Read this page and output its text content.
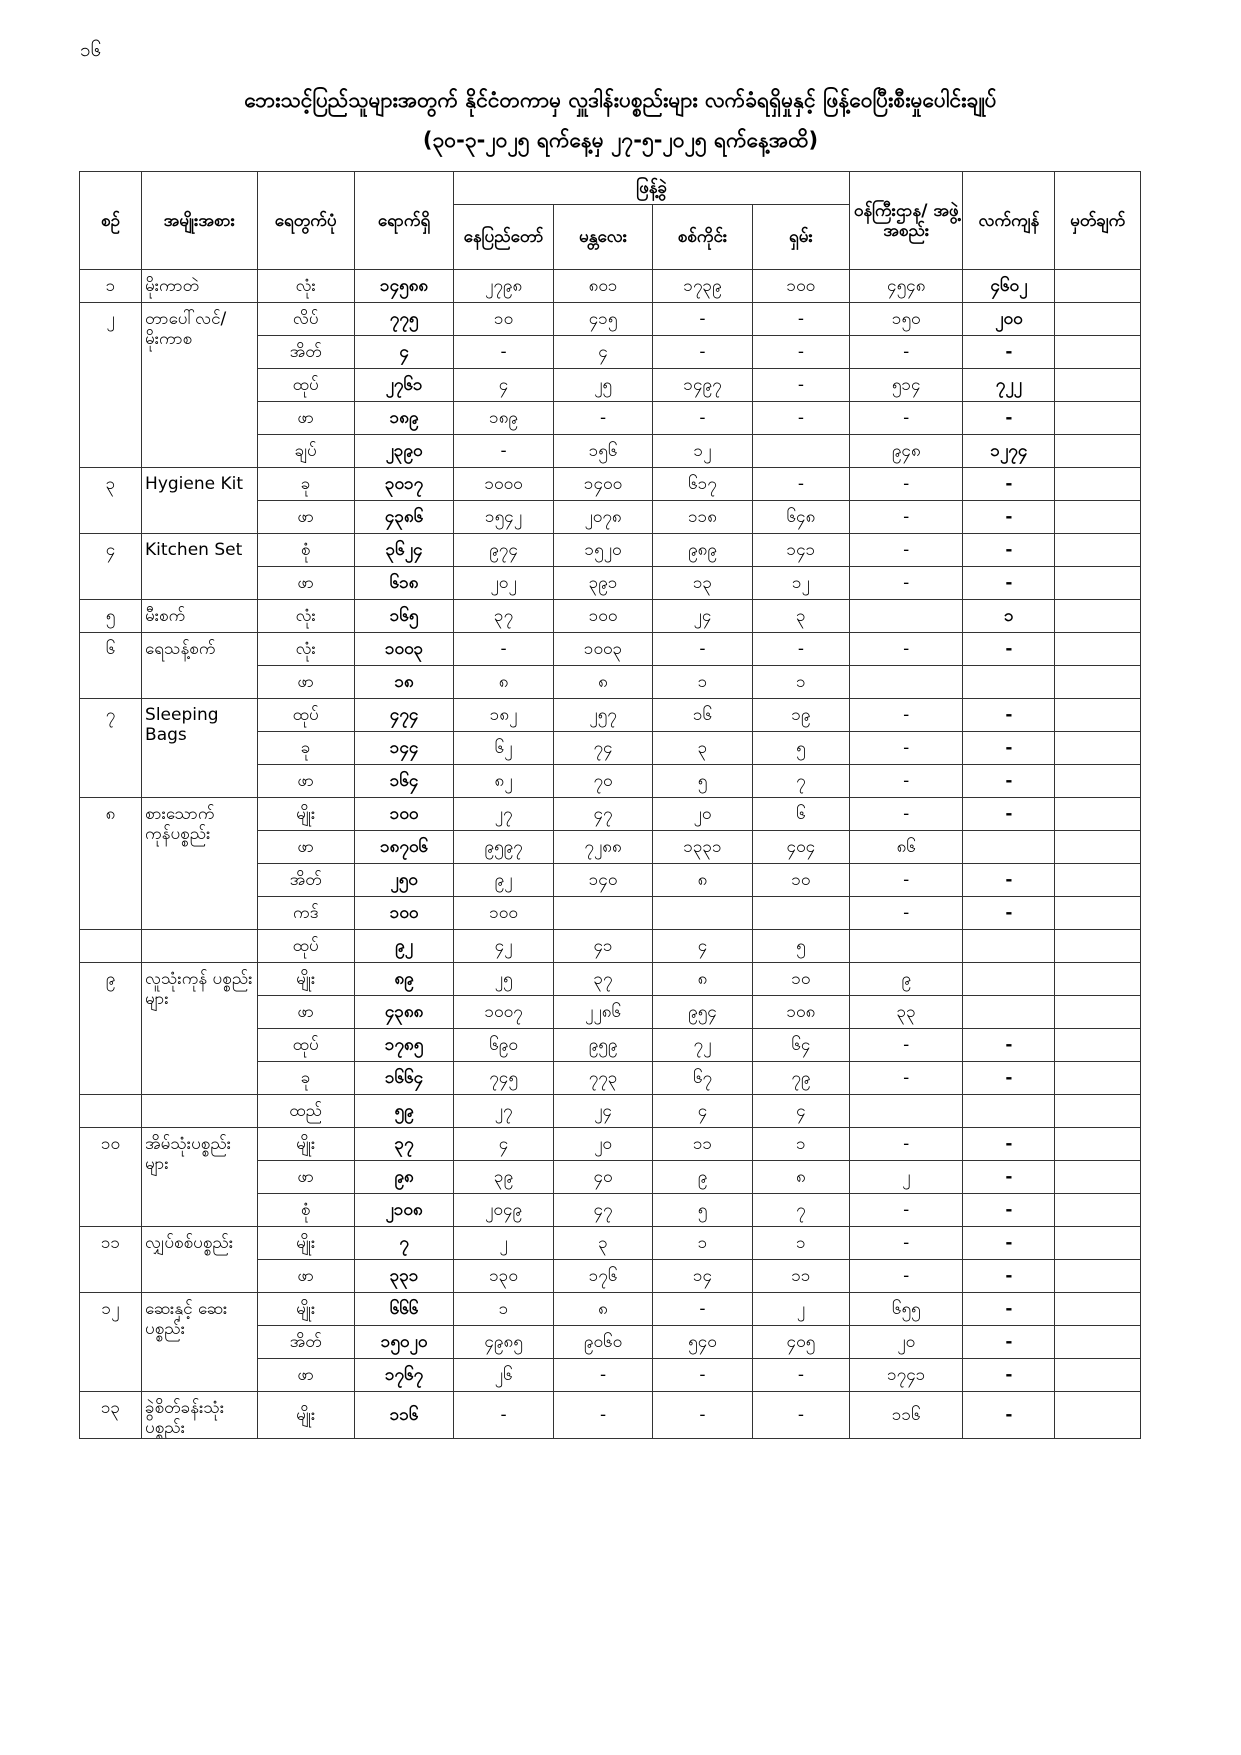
၁၆
ဘေးသင့်ပြည်သူများအတွက် နိုင်ငံတကာမှ လှူဒါန်းပစ္စည်းများ လက်ခံရရှိမှုနှင့် ဖြန့်ဝေပြီးစီးမှုပေါင်းချုပ်
(၃၀-၃-၂၀၂၅ ရက်နေ့မှ ၂၇-၅-၂၀၂၅ ရက်နေ့အထိ)
စဉ်	အမျိုးအစား	ရေတွက်ပုံ	ရောက်ရှိ	ဖြန့်ခွဲ				ဝန်ကြီးဌာန/ အဖွဲ့အစည်း	လက်ကျန်	မှတ်ချက်
				နေပြည်တော်	မန္တလေး	စစ်ကိုင်း	ရှမ်း			
၁	မိုးကာတဲ	လုံး	၁၄၅၈၈	၂၇၉၈	၈၀၁	၁၇၃၉	၁၀၀	၄၅၄၈	၄၆၀၂	
၂	တာပေါ်လင်/ မိုးကာစ	လိပ်	၇၇၅	၁၀	၄၁၅	-	-	၁၅၀	၂၀၀	
		အိတ်	၄	-	၄	-	-	-	-	
		ထုပ်	၂၇၆၁	၄	၂၅	၁၄၉၇	-	၅၁၄	၇၂၂	
		ဖာ	၁၈၉	၁၈၉	-	-	-	-	-	
		ချပ်	၂၃၉၀	-	၁၅၆	၁၂		၉၄၈	၁၂၇၄	
၃	Hygiene Kit	ခု	၃၀၁၇	၁၀၀၀	၁၄၀၀	၆၁၇	-	-	-	
		ဖာ	၄၃၈၆	၁၅၄၂	၂၀၇၈	၁၁၈	၆၄၈	-	-	
၄	Kitchen Set	စုံ	၃၆၂၄	၉၇၄	၁၅၂၀	၉၈၉	၁၄၁	-	-	
		ဖာ	၆၁၈	၂၀၂	၃၉၁	၁၃	၁၂	-	-	
၅	မီးစက်	လုံး	၁၆၅	၃၇	၁၀၀	၂၄	၃		၁	
၆	ရေသန့်စက်	လုံး	၁၀၀၃	-	၁၀၀၃	-	-	-	-	
		ဖာ	၁၈	၈	၈	၁	၁			
၇	Sleeping Bags	ထုပ်	၄၇၄	၁၈၂	၂၅၇	၁၆	၁၉	-	-	
		ခု	၁၄၄	၆၂	၇၄	၃	၅	-	-	
		ဖာ	၁၆၄	၈၂	၇၀	၅	၇	-	-	
၈	စားသောက် ကုန်ပစ္စည်း	မျိုး	၁၀၀	၂၇	၄၇	၂၀	၆	-	-	
		ဖာ	၁၈၇၀၆	၉၅၉၇	၇၂၈၈	၁၃၃၁	၄၀၄	၈၆		
		အိတ်	၂၅၀	၉၂	၁၄၀	၈	၁၀	-	-	
		ကဒ်	၁၀၀	၁၀၀				-	-	
		ထုပ်	၉၂	၄၂	၄၁	၄	၅			
၉	လူသုံးကုန် ပစ္စည်းများ	မျိုး	၈၉	၂၅	၃၇	၈	၁၀	၉		
		ဖာ	၄၃၈၈	၁၀၀၇	၂၂၈၆	၉၅၄	၁၀၈	၃၃		
		ထုပ်	၁၇၈၅	၆၉၀	၉၅၉	၇၂	၆၄	-	-	
		ခု	၁၆၆၄	၇၄၅	၇၇၃	၆၇	၇၉	-	-	
		ထည်	၅၉	၂၇	၂၄	၄	၄			
၁၀	အိမ်သုံးပစ္စည်း များ	မျိုး	၃၇	၄	၂၀	၁၁	၁	-	-	
		ဖာ	၉၈	၃၉	၄၀	၉	၈	၂	-	
		စုံ	၂၁၀၈	၂၀၄၉	၄၇	၅	၇	-	-	
၁၁	လျှပ်စစ်ပစ္စည်း	မျိုး	၇	၂	၃	၁	၁	-	-	
		ဖာ	၃၃၁	၁၃၀	၁၇၆	၁၄	၁၁	-	-	
၁၂	ဆေးနှင့် ဆေးပစ္စည်း	မျိုး	၆၆၆	၁	၈	-	၂	၆၅၅	-	
		အိတ်	၁၅၀၂၀	၄၉၈၅	၉၀၆၀	၅၄၀	၄၀၅	၂၀	-	
		ဖာ	၁၇၆၇	၂၆	-	-	-	၁၇၄၁	-	
၁၃	ခွဲစိတ်ခန်းသုံး ပစ္စည်း	မျိုး	၁၁၆	-	-	-	-	၁၁၆	-	
